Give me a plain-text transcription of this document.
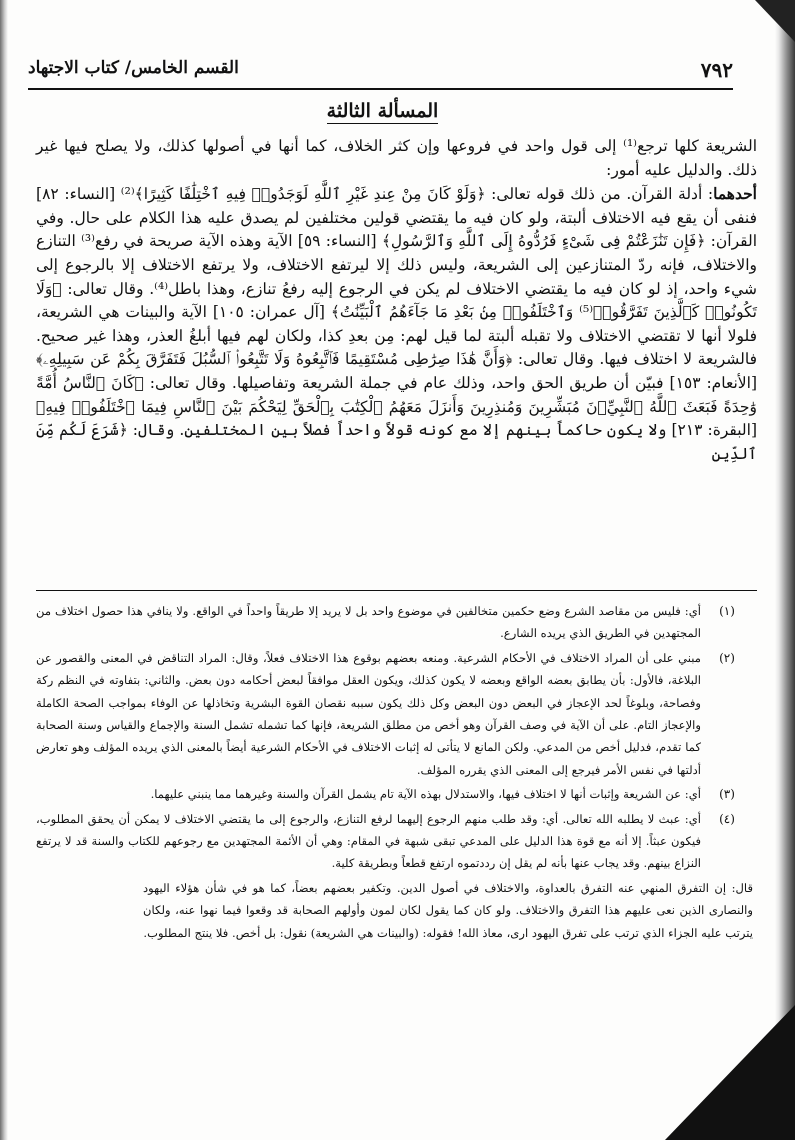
٧٩٢
القسم الخامس/ كتاب الاجتهاد
المسألة الثالثة

الشريعة كلها ترجع⁽¹⁾ إلى قول واحد في فروعها وإن كثر الخلاف، كما أنها في أصولها كذلك، ولا يصلح فيها غير ذلك. والدليل عليه أمور:

أحدهما: أدلة القرآن. من ذلك قوله تعالى: ﴿وَلَوْ كَانَ مِنْ عِندِ غَيْرِ ٱللَّهِ لَوَجَدُوا۟ فِيهِ ٱخْتِلَٰفًا كَثِيرًا﴾⁽²⁾ [النساء: ٨٢] فنفى أن يقع فيه الاختلاف ألبتة، ولو كان فيه ما يقتضي قولين مختلفين لم يصدق عليه هذا الكلام على حال. وفي القرآن: ﴿فَإِن تَنَٰزَعْتُمْ فِى شَىْءٍ فَرُدُّوهُ إِلَى ٱللَّهِ وَٱلرَّسُولِ﴾ [النساء: ٥٩] الآية وهذه الآية صريحة في رفع⁽³⁾ التنازع والاختلاف، فإنه ردّ المتنازعين إلى الشريعة، وليس ذلك إلا ليرتفع الاختلاف، ولا يرتفع الاختلاف إلا بالرجوع إلى شيء واحد، إذ لو كان فيه ما يقتضي الاختلاف لم يكن في الرجوع إليه رفعُ تنازع، وهذا باطل⁽⁴⁾. وقال تعالى: ﴿وَلَا تَكُونُوا۟ كَٱلَّذِينَ تَفَرَّقُوا۟⁽⁵⁾ وَٱخْتَلَفُوا۟ مِنۢ بَعْدِ مَا جَآءَهُمُ ٱلْبَيِّنَٰتُ﴾ [آل عمران: ١٠٥] الآية والبينات هي الشريعة، فلولا أنها لا تقتضي الاختلاف ولا تقبله ألبتة لما قيل لهم: مِن بعدِ كذا، ولكان لهم فيها أبلغُ العذر، وهذا غير صحيح. فالشريعة لا اختلاف فيها. وقال تعالى: ﴿وَأَنَّ هَٰذَا صِرَٰطِى مُسْتَقِيمًا فَٱتَّبِعُوهُ وَلَا تَتَّبِعُوا۟ ٱلسُّبُلَ فَتَفَرَّقَ بِكُمْ عَن سَبِيلِهِۦ﴾ [الأنعام: ١٥٣] فبيّن أن طريق الحق واحد، وذلك عام في جملة الشريعة وتفاصيلها. وقال تعالى: ﴿كَانَ ٱلنَّاسُ أُمَّةً وَٰحِدَةً فَبَعَثَ ٱللَّهُ ٱلنَّبِيِّۦنَ مُبَشِّرِينَ وَمُنذِرِينَ وَأَنزَلَ مَعَهُمُ ٱلْكِتَٰبَ بِٱلْحَقِّ لِيَحْكُمَ بَيْنَ ٱلنَّاسِ فِيمَا ٱخْتَلَفُوا۟ فِيهِ﴾ [البقرة: ٢١٣] ولا يكون حاكماً بينهم إلا مع كونه قولاً واحداً فصلاً بين المختلفين. وقال: ﴿شَرَعَ لَكُم مِّنَ ٱلدِّينِ

(١)
أي: فليس من مقاصد الشرع وضع حكمين متخالفين في موضوع واحد بل لا يريد إلا طريقاً واحداً في الواقع. ولا ينافي هذا حصول اختلاف من المجتهدين في الطريق الذي يريده الشارع.
(٢)
مبني على أن المراد الاختلاف في الأحكام الشرعية. ومنعه بعضهم بوقوع هذا الاختلاف فعلاً، وقال: المراد التناقض في المعنى والقصور عن البلاغة، فالأول: بأن يطابق بعضه الواقع وبعضه لا يكون كذلك، ويكون العقل موافقاً لبعض أحكامه دون بعض. والثاني: بتفاوته في النظم ركة وفصاحة، وبلوغاً لحد الإعجاز في البعض دون البعض وكل ذلك يكون سببه نقصان القوة البشرية وتخاذلها عن الوفاء بمواجب الصحة الكاملة والإعجاز التام. على أن الآية في وصف القرآن وهو أخص من مطلق الشريعة، فإنها كما تشمله تشمل السنة والإجماع والقياس وسنة الصحابة كما تقدم، فدليل أخص من المدعي. ولكن المانع لا يتأتى له إثبات الاختلاف في الأحكام الشرعية أيضاً بالمعنى الذي يريده المؤلف وهو تعارض أدلتها في نفس الأمر فيرجع إلى المعنى الذي يقرره المؤلف.
(٣)
أي: عن الشريعة وإثبات أنها لا اختلاف فيها، والاستدلال بهذه الآية تام يشمل القرآن والسنة وغيرهما مما ينبني عليهما.
(٤)
أي: عبث لا يطلبه الله تعالى. أي: وقد طلب منهم الرجوع إليهما لرفع التنازع، والرجوع إلى ما يقتضي الاختلاف لا يمكن أن يحقق المطلوب، فيكون عبثاً. إلا أنه مع قوة هذا الدليل على المدعي تبقى شبهة في المقام: وهي أن الأئمة المجتهدين مع رجوعهم للكتاب والسنة قد لا يرتفع النزاع بينهم. وقد يجاب عنها بأنه لم يقل إن رددتموه ارتفع قطعاً وبطريقة كلية.
قال: إن التفرق المنهي عنه التفرق بالعداوة، والاختلاف في أصول الدين. وتكفير بعضهم بعضاً، كما هو في شأن هؤلاء اليهود والنصارى الذين نعى عليهم هذا التفرق والاختلاف. ولو كان كما يقول لكان لمون وأولهم الصحابة قد وقعوا فيما نهوا عنه، ولكان يترتب عليه الجزاء الذي ترتب على تفرق اليهود ارى، معاذ الله! فقوله: (والبينات هي الشريعة) نقول: بل أخص. فلا ينتج المطلوب.
